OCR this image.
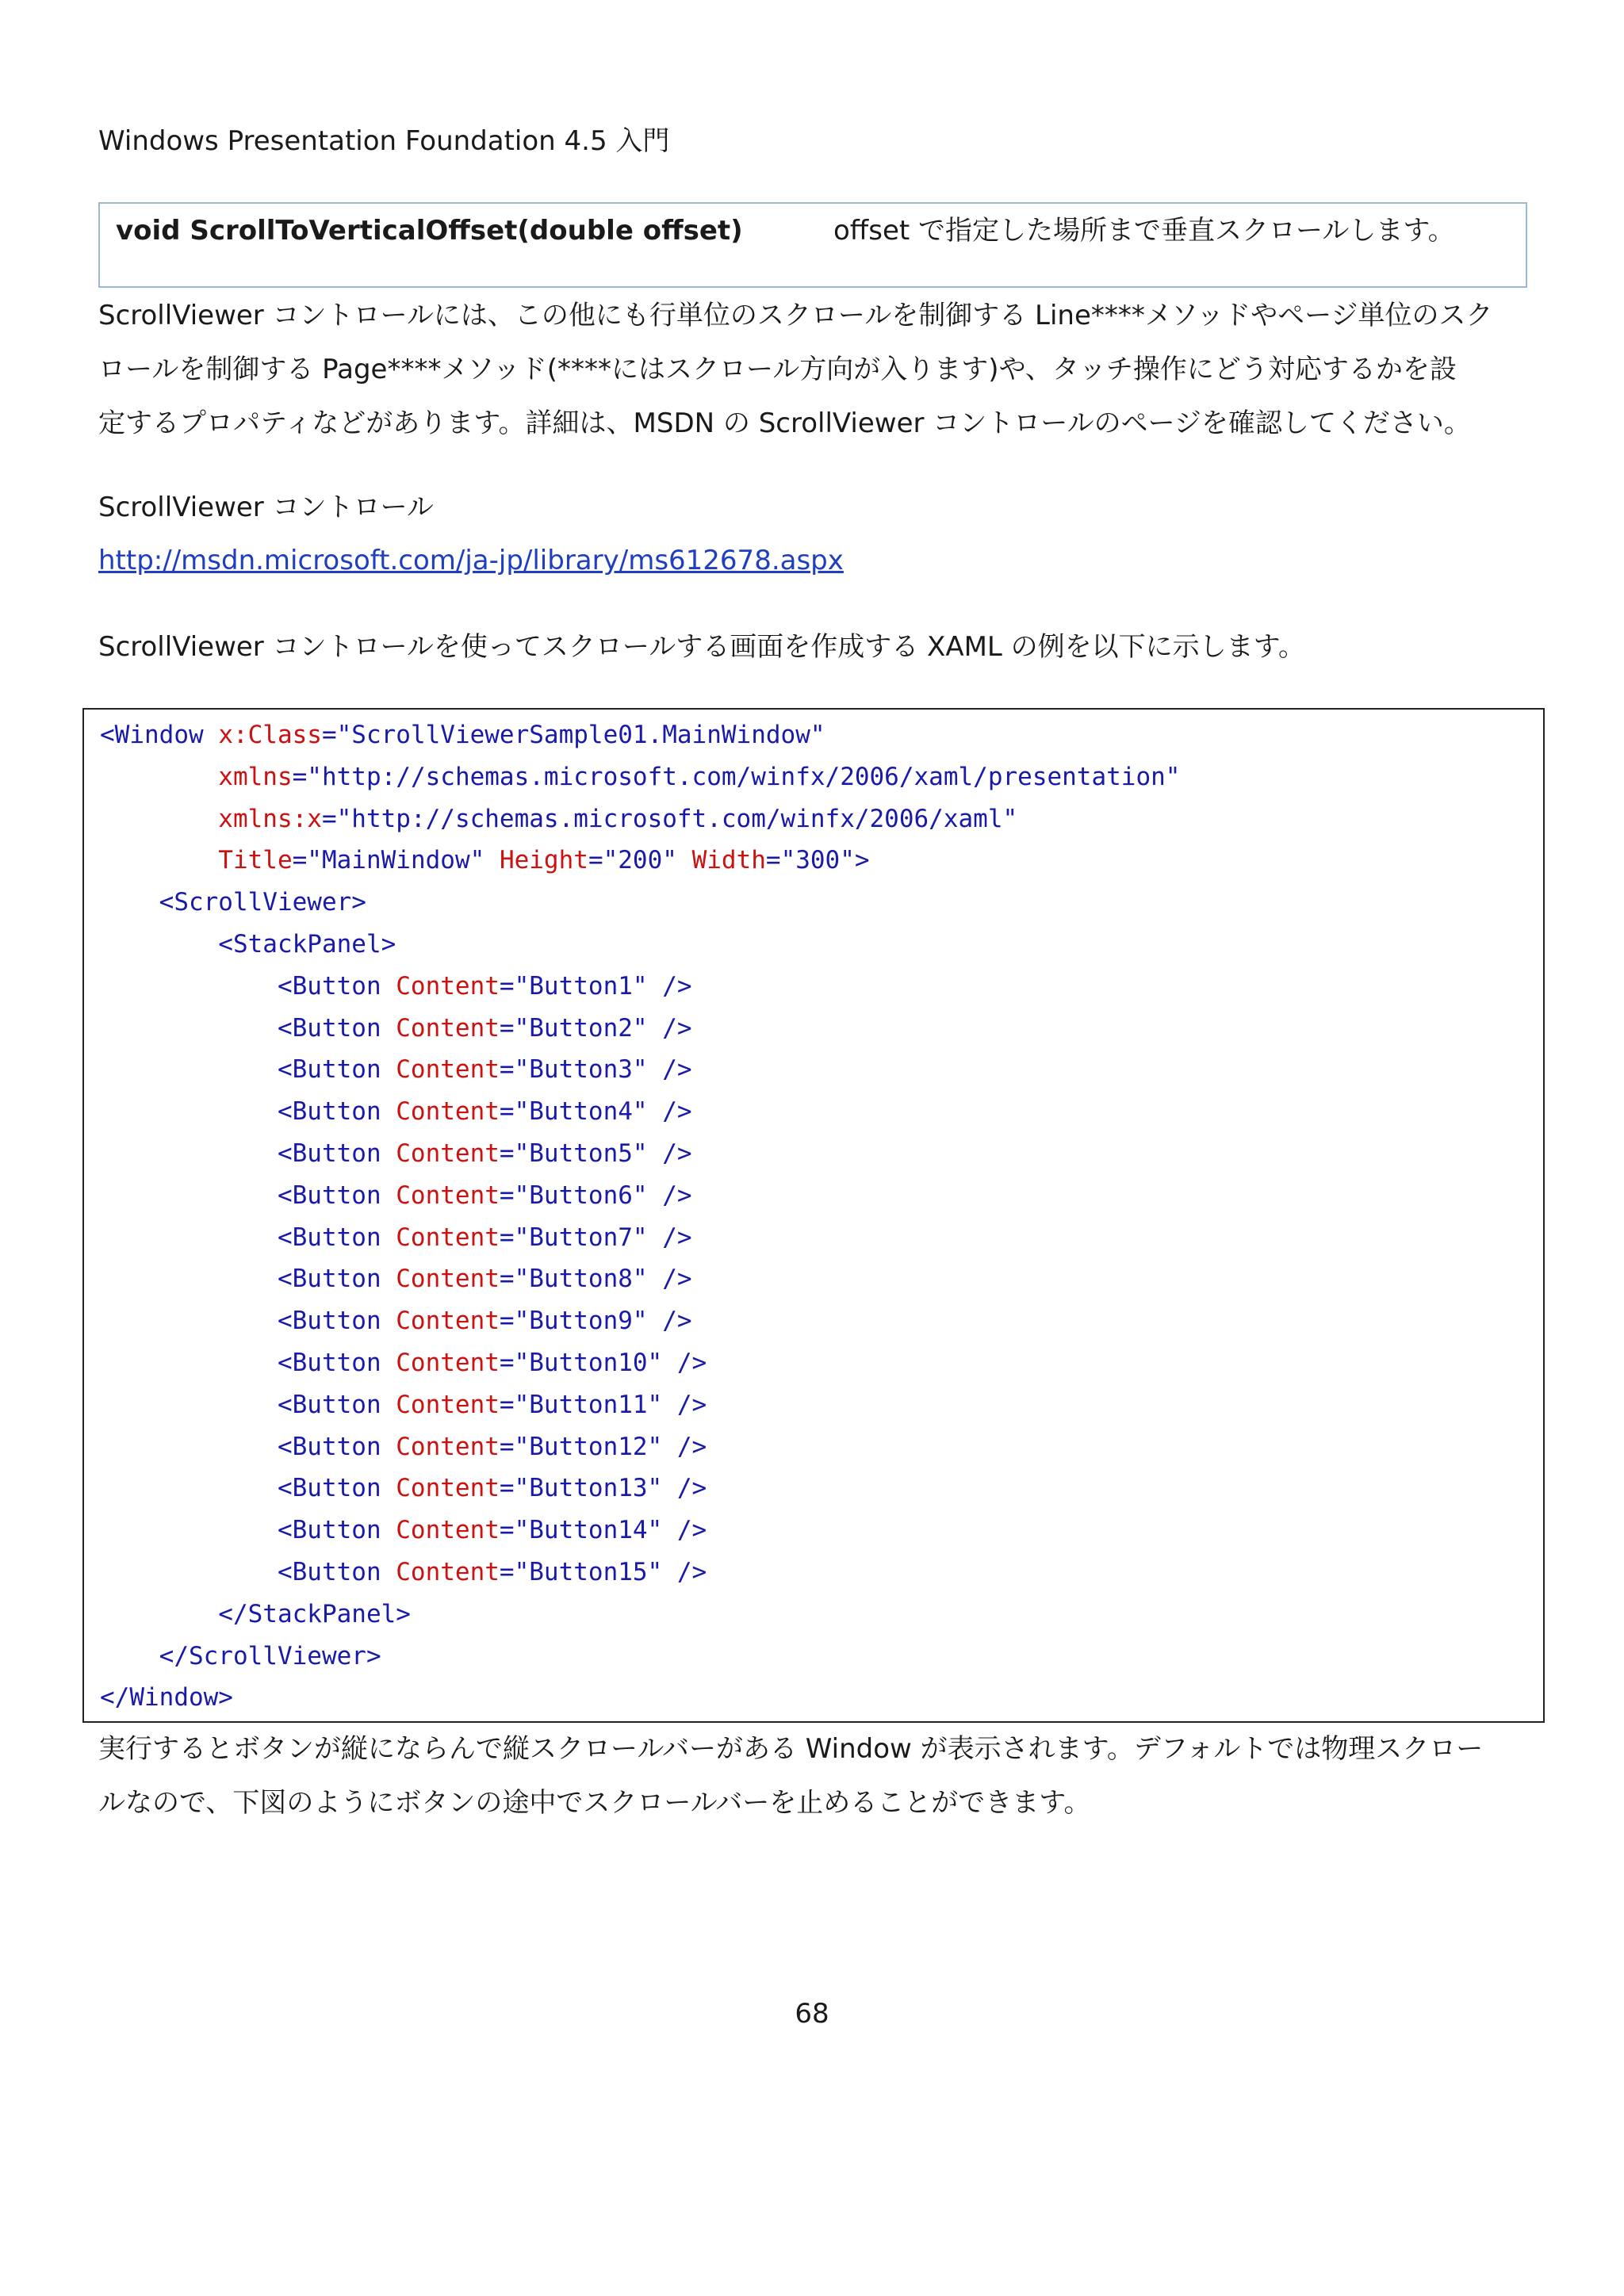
Windows Presentation Foundation 4.5 入門
void ScrollToVerticalOffset(double offset)	offset で指定した場所まで垂直スクロールします。
ScrollViewer コントロールには、この他にも行単位のスクロールを制御する Line****メソッドやページ単位のスク
ロールを制御する Page****メソッド(****にはスクロール方向が入ります)や、タッチ操作にどう対応するかを設
定するプロパティなどがあります。詳細は、MSDN の ScrollViewer コントロールのページを確認してください。
ScrollViewer コントロール
http://msdn.microsoft.com/ja-jp/library/ms612678.aspx
ScrollViewer コントロールを使ってスクロールする画面を作成する XAML の例を以下に示します。
<Window x:Class="ScrollViewerSample01.MainWindow"
xmlns="http://schemas.microsoft.com/winfx/2006/xaml/presentation"
xmlns:x="http://schemas.microsoft.com/winfx/2006/xaml"
Title="MainWindow" Height="200" Width="300">
<ScrollViewer>
<StackPanel>
<Button Content="Button1" />
<Button Content="Button2" />
<Button Content="Button3" />
<Button Content="Button4" />
<Button Content="Button5" />
<Button Content="Button6" />
<Button Content="Button7" />
<Button Content="Button8" />
<Button Content="Button9" />
<Button Content="Button10" />
<Button Content="Button11" />
<Button Content="Button12" />
<Button Content="Button13" />
<Button Content="Button14" />
<Button Content="Button15" />
</StackPanel>
</ScrollViewer>
</Window>
実行するとボタンが縦にならんで縦スクロールバーがある Window が表示されます。デフォルトでは物理スクロー
ルなので、下図のようにボタンの途中でスクロールバーを止めることができます。
68
